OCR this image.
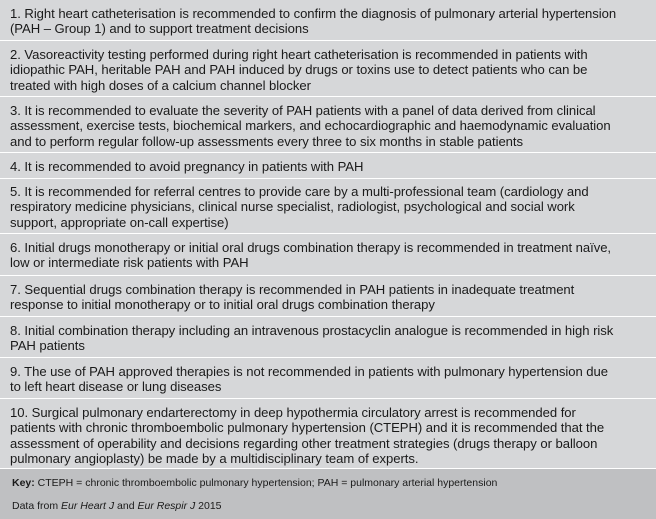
1. Right heart catheterisation is recommended to confirm the diagnosis of pulmonary arterial hypertension
(PAH – Group 1) and to support treatment decisions
2. Vasoreactivity testing performed during right heart catheterisation is recommended in patients with
idiopathic PAH, heritable PAH and PAH induced by drugs or toxins use to detect patients who can be
treated with high doses of a calcium channel blocker
3. It is recommended to evaluate the severity of PAH patients with a panel of data derived from clinical
assessment, exercise tests, biochemical markers, and echocardiographic and haemodynamic evaluation
and to perform regular follow-up assessments every three to six months in stable patients
4. It is recommended to avoid pregnancy in patients with PAH
5. It is recommended for referral centres to provide care by a multi-professional team (cardiology and
respiratory medicine physicians, clinical nurse specialist, radiologist, psychological and social work
support, appropriate on-call expertise)
6. Initial drugs monotherapy or initial oral drugs combination therapy is recommended in treatment naïve,
low or intermediate risk patients with PAH
7. Sequential drugs combination therapy is recommended in PAH patients in inadequate treatment
response to initial monotherapy or to initial oral drugs combination therapy
8. Initial combination therapy including an intravenous prostacyclin analogue is recommended in high risk
PAH patients
9. The use of PAH approved therapies is not recommended in patients with pulmonary hypertension due
to left heart disease or lung diseases
10. Surgical pulmonary endarterectomy in deep hypothermia circulatory arrest is recommended for
patients with chronic thromboembolic pulmonary hypertension (CTEPH) and it is recommended that the
assessment of operability and decisions regarding other treatment strategies (drugs therapy or balloon
pulmonary angioplasty) be made by a multidisciplinary team of experts.
Key: CTEPH = chronic thromboembolic pulmonary hypertension; PAH = pulmonary arterial hypertension
Data from Eur Heart J and Eur Respir J 2015
